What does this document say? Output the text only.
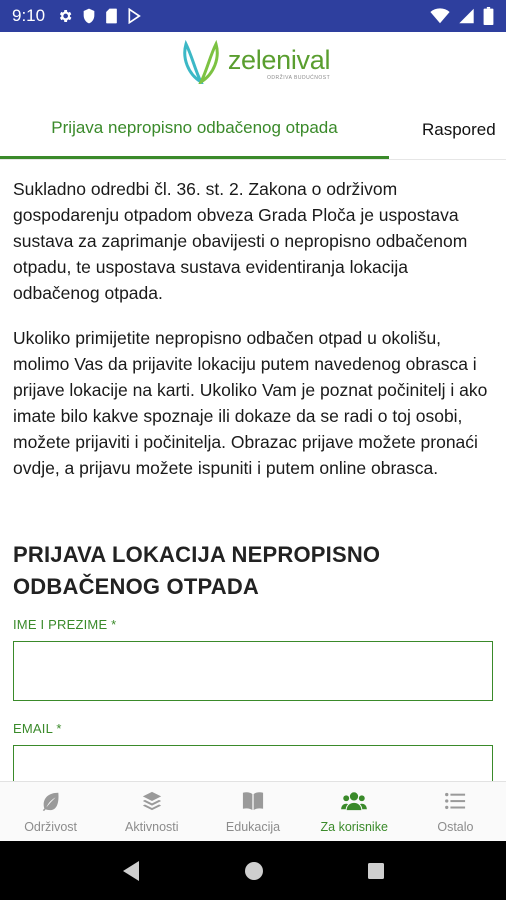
9:10
zelenival
ODRŽIVA BUDUĆNOST
Prijava nepropisno odbačenog otpada	Raspored

Sukladno odredbi čl. 36. st. 2. Zakona o održivom gospodarenju otpadom obveza Grada Ploča je uspostava sustava za zaprimanje obavijesti o nepropisno odbačenom otpadu, te uspostava sustava evidentiranja lokacija odbačenog otpada.

Ukoliko primijetite nepropisno odbačen otpad u okolišu, molimo Vas da prijavite lokaciju putem navedenog obrasca i prijave lokacije na karti. Ukoliko Vam je poznat počinitelj i ako imate bilo kakve spoznaje ili dokaze da se radi o toj osobi, možete prijaviti i počinitelja. Obrazac prijave možete pronaći ovdje, a prijavu možete ispuniti i putem online obrasca.

PRIJAVA LOKACIJA NEPROPISNO ODBAČENOG OTPADA
IME I PREZIME *
EMAIL *
Održivost	Aktivnosti	Edukacija	Za korisnike	Ostalo
